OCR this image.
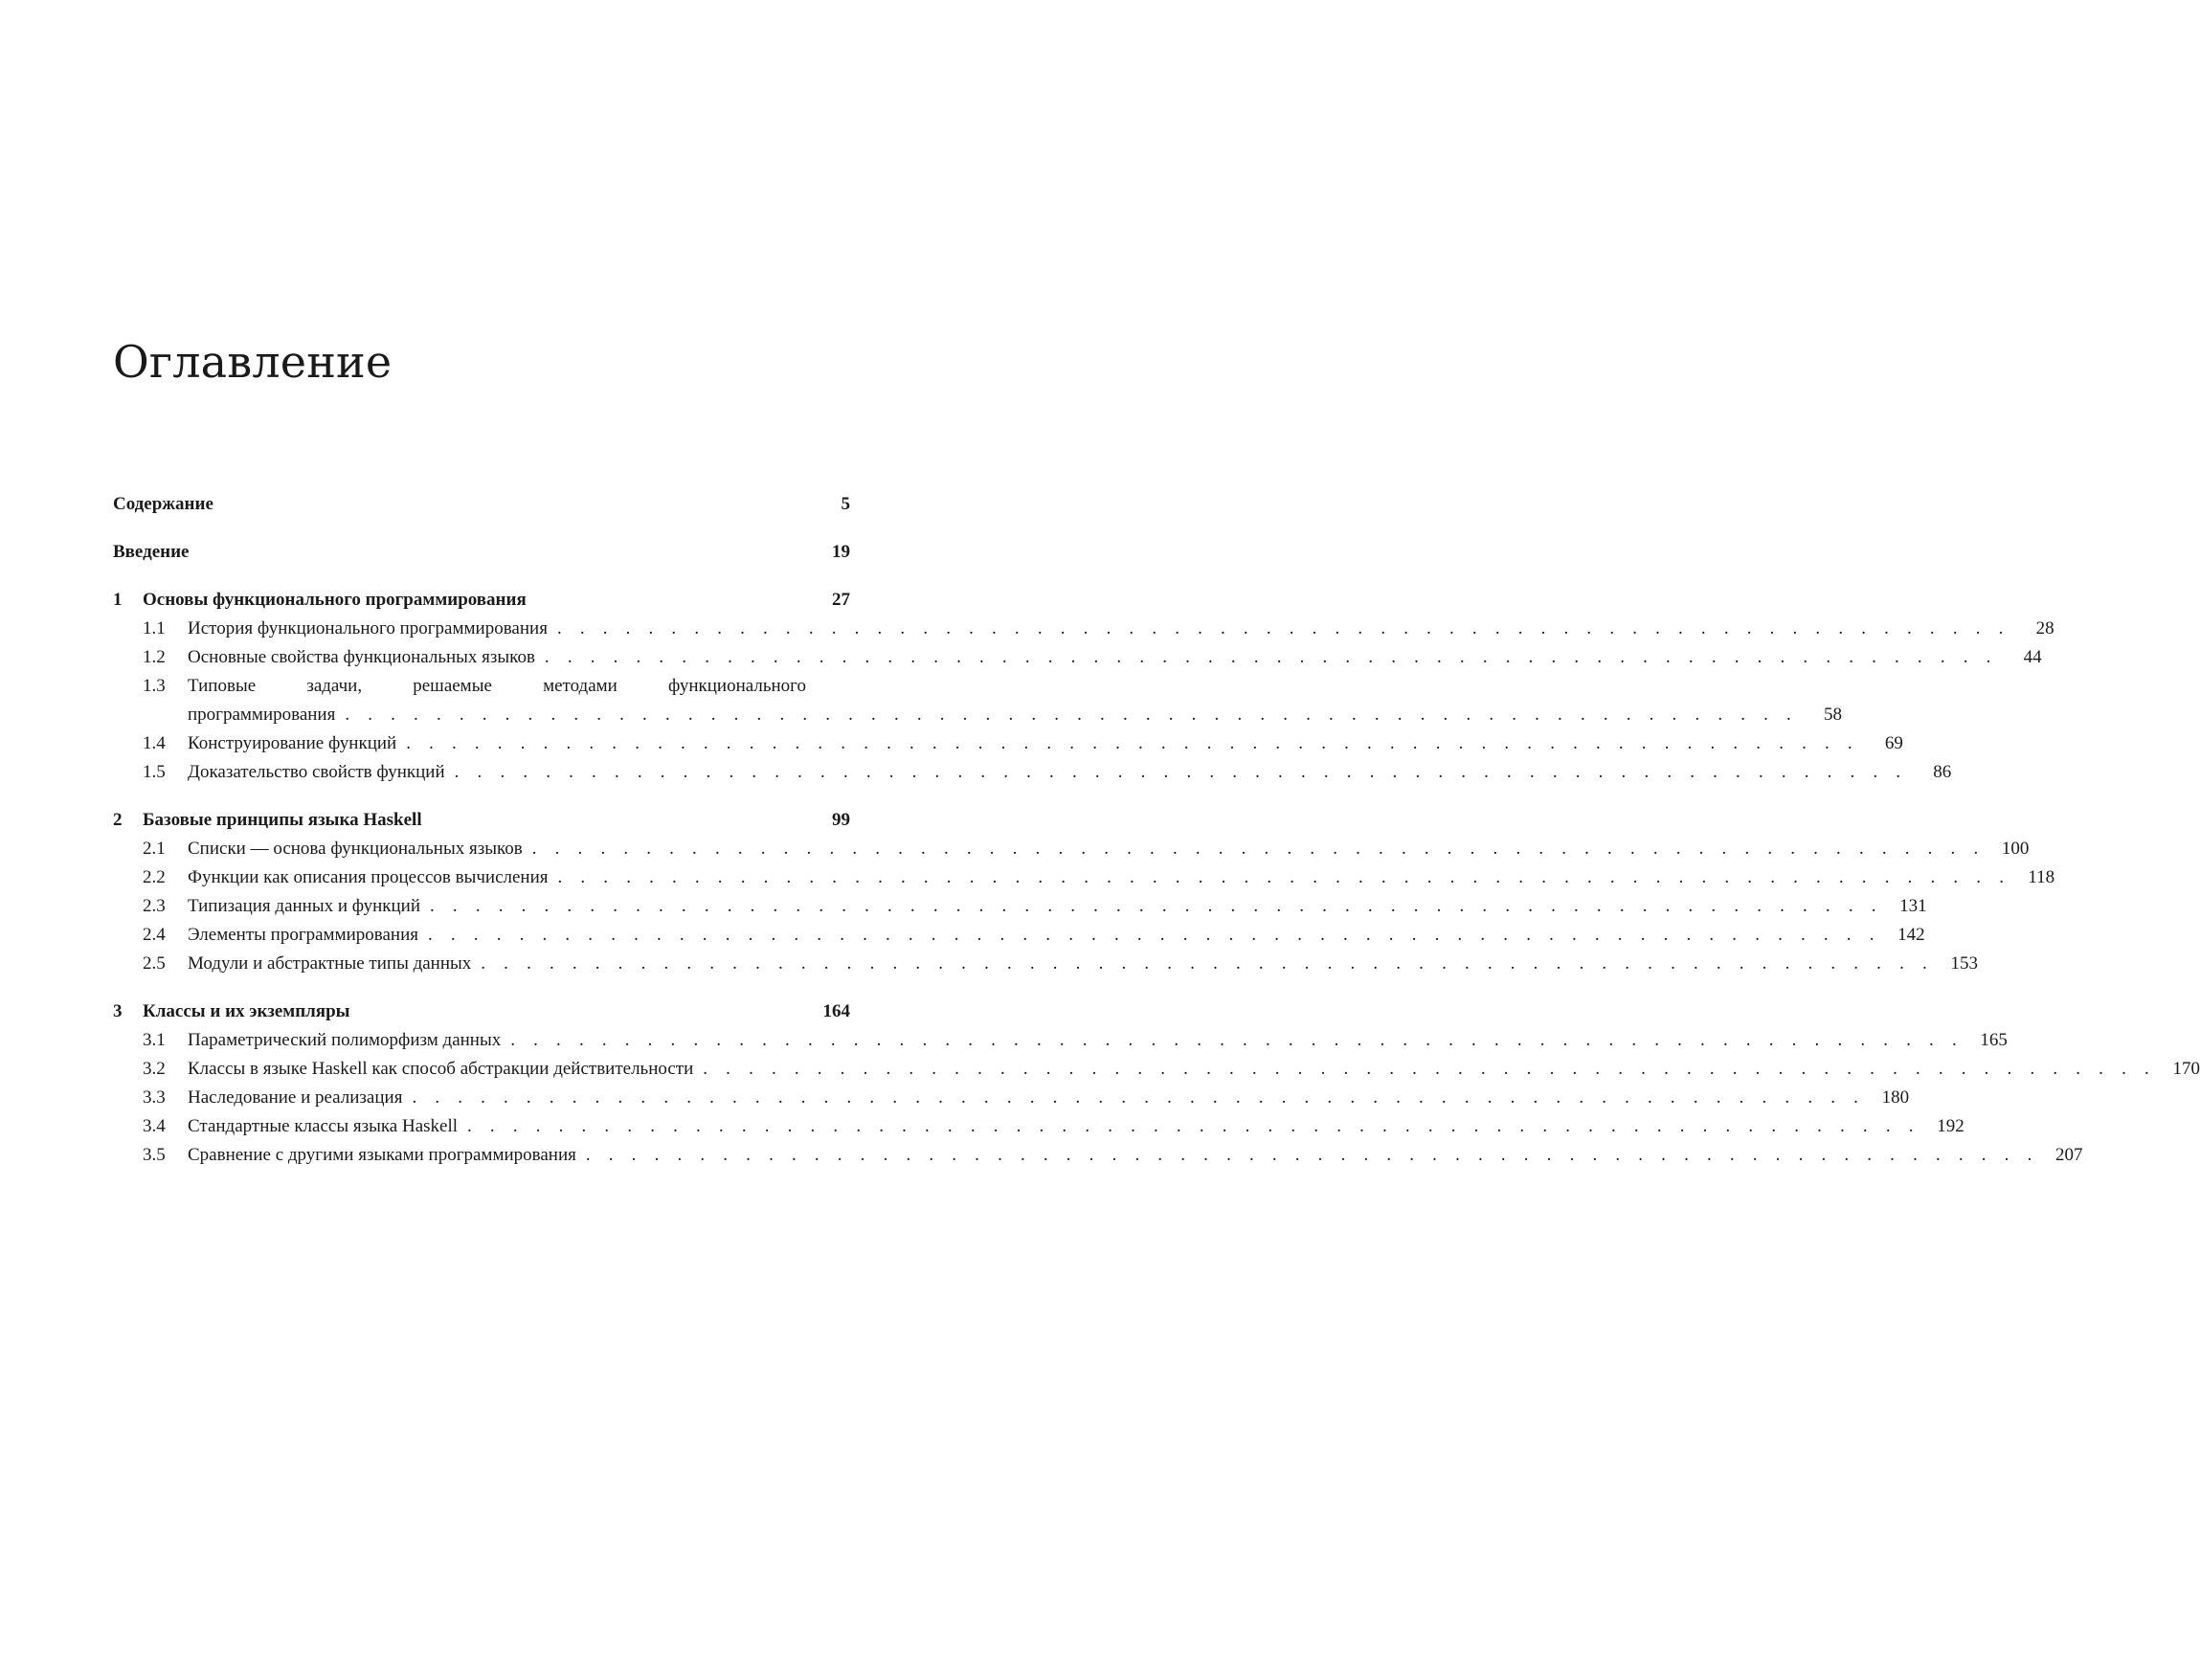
Оглавление
Содержание	5
Введение	19
1	Основы функционального программирования	27
1.1	История функционального программирования . . . . . . . . . . . . . . . . . . . . . . . . . . . . . . . . . . . . . . . . . . . . . . . . . . . . . . . . . . . . . . . .	28
1.2	Основные свойства функциональных языков . . . . . . . . . . . . . . . . . . . . . . . . . . . . . . . . . . . . . . . . . . . . . . . . . . . . . . . . . . . . . . . .	44
1.3	Типовые	задачи,	решаемые	методами	функционального
программирования . . . . . . . . . . . . . . . . . . . . . . . . . . . . . . . . . . . . . . . . . . . . . . . . . . . . . . . . . . . . . . . .	58
1.4	Конструирование функций . . . . . . . . . . . . . . . . . . . . . . . . . . . . . . . . . . . . . . . . . . . . . . . . . . . . . . . . . . . . . . . .	69
1.5	Доказательство свойств функций . . . . . . . . . . . . . . . . . . . . . . . . . . . . . . . . . . . . . . . . . . . . . . . . . . . . . . . . . . . . . . . .	86
2	Базовые принципы языка Haskell	99
2.1	Списки — основа функциональных языков . . . . . . . . . . . . . . . . . . . . . . . . . . . . . . . . . . . . . . . . . . . . . . . . . . . . . . . . . . . . . . . . 100
2.2	Функции как описания процессов вычисления . . . . . . . . . . . . . . . . . . . . . . . . . . . . . . . . . . . . . . . . . . . . . . . . . . . . . . . . . . . . . . . . 118
2.3	Типизация данных и функций . . . . . . . . . . . . . . . . . . . . . . . . . . . . . . . . . . . . . . . . . . . . . . . . . . . . . . . . . . . . . . . . 131
2.4	Элементы программирования . . . . . . . . . . . . . . . . . . . . . . . . . . . . . . . . . . . . . . . . . . . . . . . . . . . . . . . . . . . . . . . . 142
2.5	Модули и абстрактные типы данных . . . . . . . . . . . . . . . . . . . . . . . . . . . . . . . . . . . . . . . . . . . . . . . . . . . . . . . . . . . . . . . . 153
3	Классы и их экземпляры	164
3.1	Параметрический полиморфизм данных . . . . . . . . . . . . . . . . . . . . . . . . . . . . . . . . . . . . . . . . . . . . . . . . . . . . . . . . . . . . . . . . 165
3.2	Классы в языке Haskell как способ абстракции действительности . . . . . . . . . . . . . . . . . . . . . . . . . . . . . . . . . . . . . . . . . . . . . . . . . . . . . . . . . . . . . . . . 170
3.3	Наследование и реализация . . . . . . . . . . . . . . . . . . . . . . . . . . . . . . . . . . . . . . . . . . . . . . . . . . . . . . . . . . . . . . . . 180
3.4	Стандартные классы языка Haskell . . . . . . . . . . . . . . . . . . . . . . . . . . . . . . . . . . . . . . . . . . . . . . . . . . . . . . . . . . . . . . . . 192
3.5	Сравнение с другими языками программирования . . . . . . . . . . . . . . . . . . . . . . . . . . . . . . . . . . . . . . . . . . . . . . . . . . . . . . . . . . . . . . . . 207
